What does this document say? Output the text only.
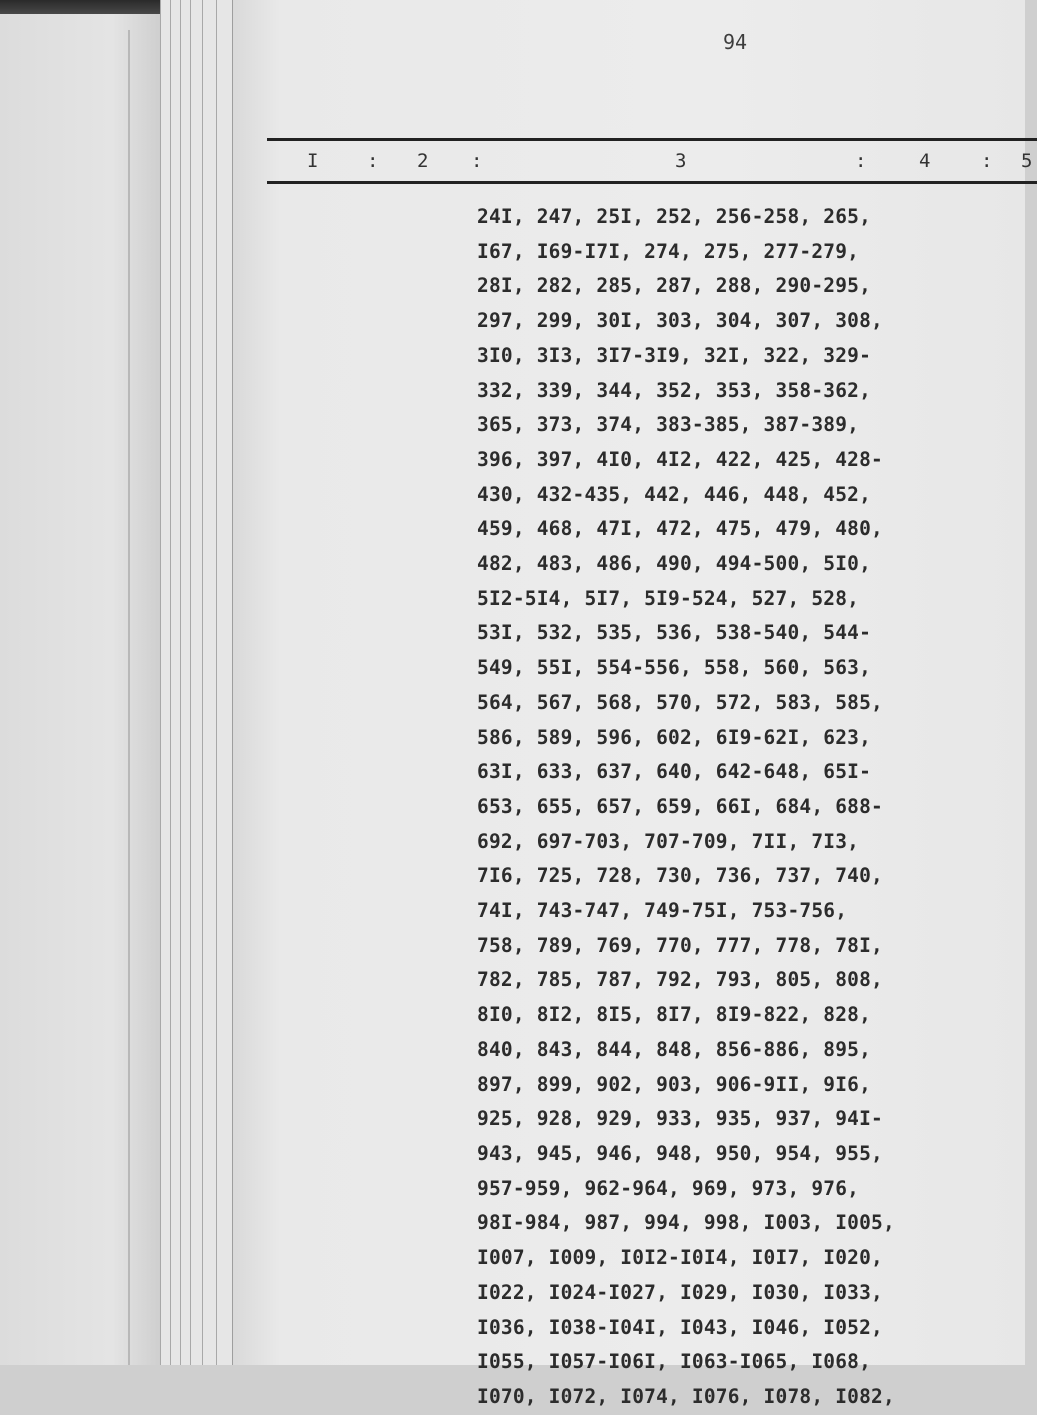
94
I	: 2 :	3	:	4	: 5
24I, 247, 25I, 252, 256-258, 265,
I67, I69-I7I, 274, 275, 277-279,
28I, 282, 285, 287, 288, 290-295,
297, 299, 30I, 303, 304, 307, 308,
3I0, 3I3, 3I7-3I9, 32I, 322, 329-
332, 339, 344, 352, 353, 358-362,
365, 373, 374, 383-385, 387-389,
396, 397, 4I0, 4I2, 422, 425, 428-
430, 432-435, 442, 446, 448, 452,
459, 468, 47I, 472, 475, 479, 480,
482, 483, 486, 490, 494-500, 5I0,
5I2-5I4, 5I7, 5I9-524, 527, 528,
53I, 532, 535, 536, 538-540, 544-
549, 55I, 554-556, 558, 560, 563,
564, 567, 568, 570, 572, 583, 585,
586, 589, 596, 602, 6I9-62I, 623,
63I, 633, 637, 640, 642-648, 65I-
653, 655, 657, 659, 66I, 684, 688-
692, 697-703, 707-709, 7II, 7I3,
7I6, 725, 728, 730, 736, 737, 740,
74I, 743-747, 749-75I, 753-756,
758, 789, 769, 770, 777, 778, 78I,
782, 785, 787, 792, 793, 805, 808,
8I0, 8I2, 8I5, 8I7, 8I9-822, 828,
840, 843, 844, 848, 856-886, 895,
897, 899, 902, 903, 906-9II, 9I6,
925, 928, 929, 933, 935, 937, 94I-
943, 945, 946, 948, 950, 954, 955,
957-959, 962-964, 969, 973, 976,
98I-984, 987, 994, 998, I003, I005,
I007, I009, I0I2-I0I4, I0I7, I020,
I022, I024-I027, I029, I030, I033,
I036, I038-I04I, I043, I046, I052,
I055, I057-I06I, I063-I065, I068,
I070, I072, I074, I076, I078, I082,
